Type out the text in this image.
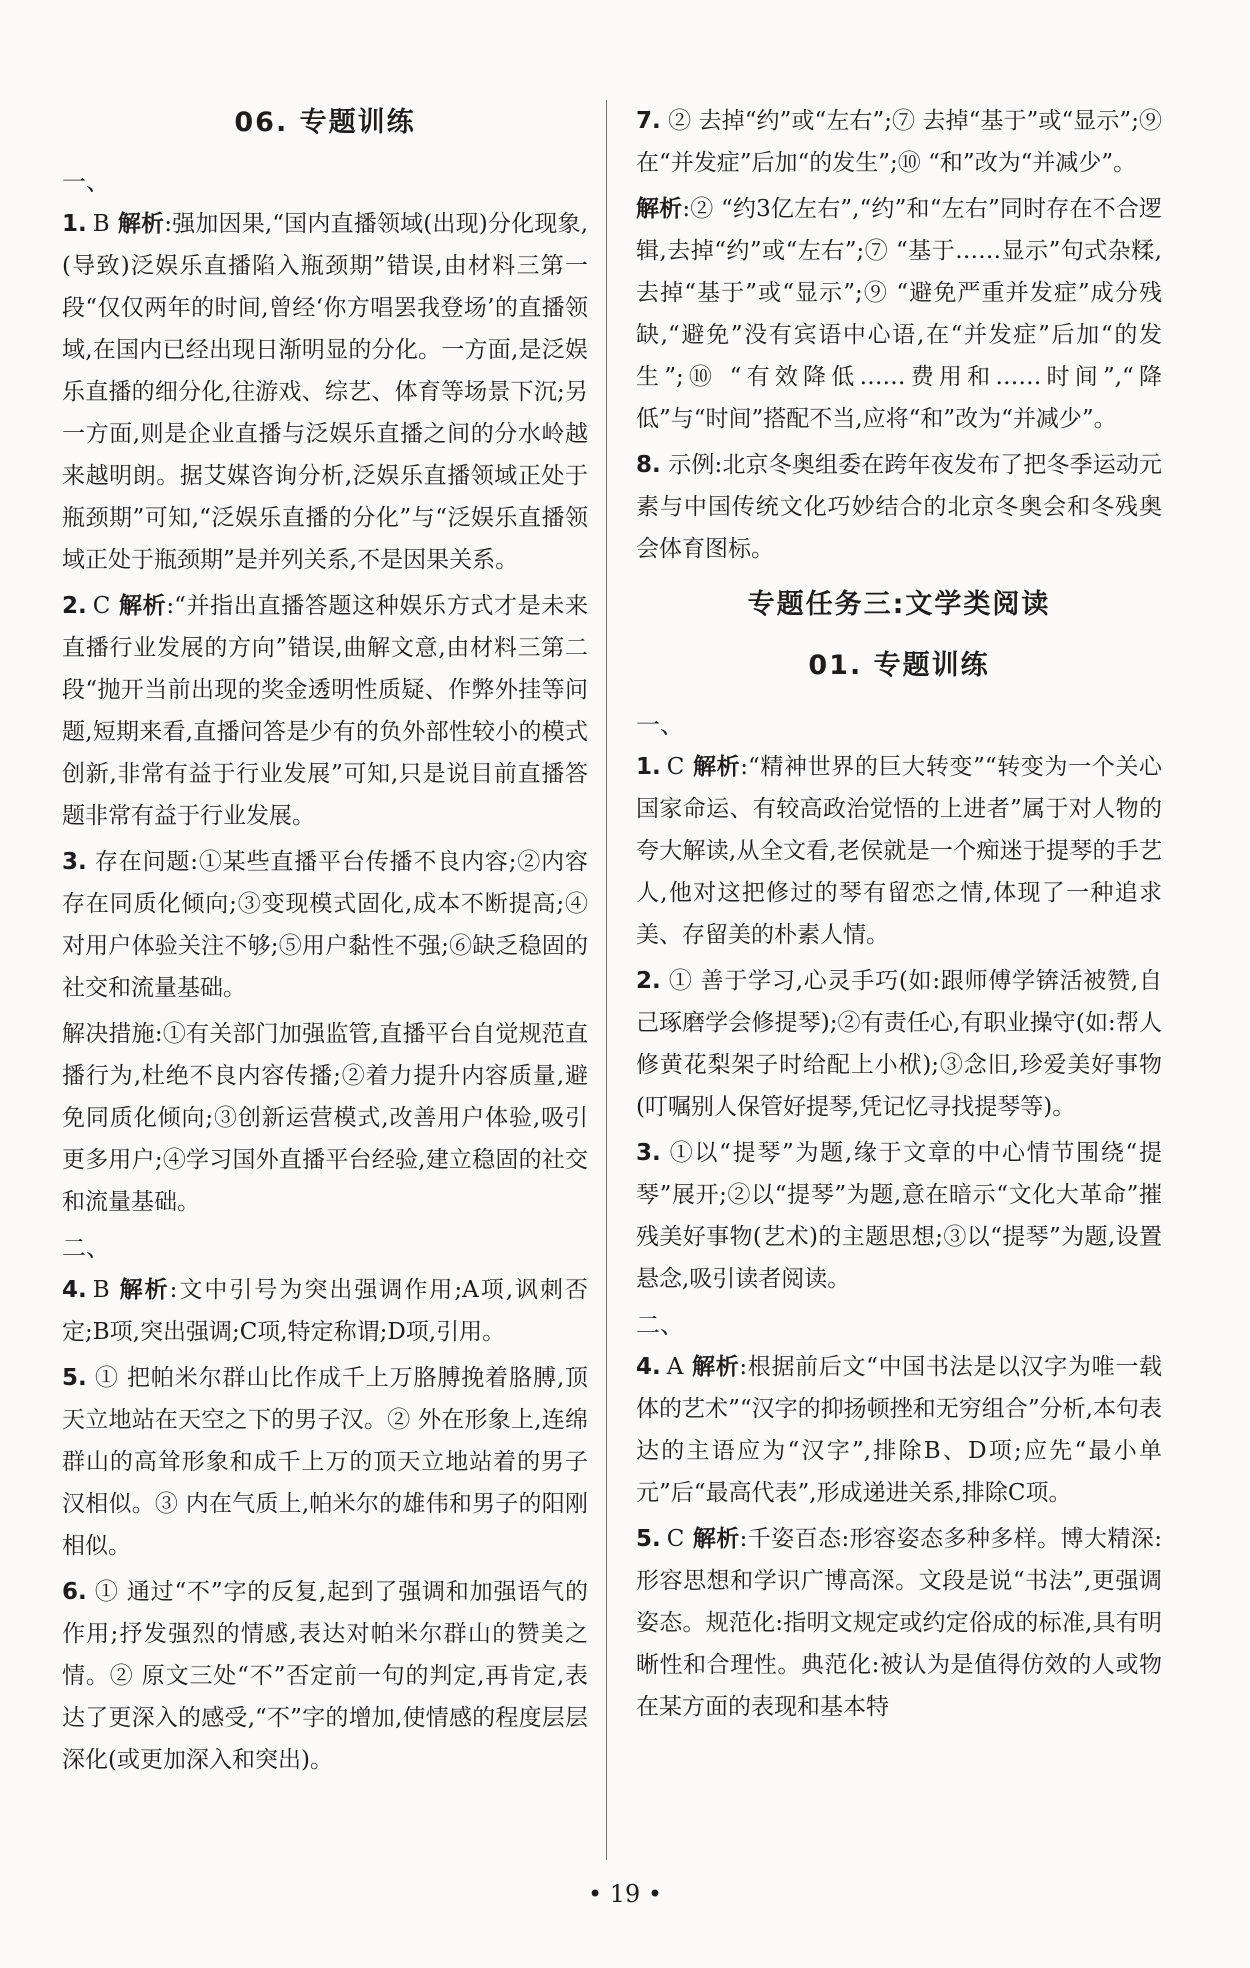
06. 专题训练

一、

1. B 解析:强加因果,“国内直播领域(出现)分化现象,(导致)泛娱乐直播陷入瓶颈期”错误,由材料三第一段“仅仅两年的时间,曾经‘你方唱罢我登场’的直播领域,在国内已经出现日渐明显的分化。一方面,是泛娱乐直播的细分化,往游戏、综艺、体育等场景下沉;另一方面,则是企业直播与泛娱乐直播之间的分水岭越来越明朗。据艾媒咨询分析,泛娱乐直播领域正处于瓶颈期”可知,“泛娱乐直播的分化”与“泛娱乐直播领域正处于瓶颈期”是并列关系,不是因果关系。

2. C 解析:“并指出直播答题这种娱乐方式才是未来直播行业发展的方向”错误,曲解文意,由材料三第二段“抛开当前出现的奖金透明性质疑、作弊外挂等问题,短期来看,直播问答是少有的负外部性较小的模式创新,非常有益于行业发展”可知,只是说目前直播答题非常有益于行业发展。

3. 存在问题:①某些直播平台传播不良内容;②内容存在同质化倾向;③变现模式固化,成本不断提高;④对用户体验关注不够;⑤用户黏性不强;⑥缺乏稳固的社交和流量基础。

解决措施:①有关部门加强监管,直播平台自觉规范直播行为,杜绝不良内容传播;②着力提升内容质量,避免同质化倾向;③创新运营模式,改善用户体验,吸引更多用户;④学习国外直播平台经验,建立稳固的社交和流量基础。

二、

4. B 解析:文中引号为突出强调作用;A项,讽刺否定;B项,突出强调;C项,特定称谓;D项,引用。

5. ① 把帕米尔群山比作成千上万胳膊挽着胳膊,顶天立地站在天空之下的男子汉。② 外在形象上,连绵群山的高耸形象和成千上万的顶天立地站着的男子汉相似。③ 内在气质上,帕米尔的雄伟和男子的阳刚相似。

6. ① 通过“不”字的反复,起到了强调和加强语气的作用;抒发强烈的情感,表达对帕米尔群山的赞美之情。② 原文三处“不”否定前一句的判定,再肯定,表达了更深入的感受,“不”字的增加,使情感的程度层层深化(或更加深入和突出)。

7. ② 去掉“约”或“左右”;⑦ 去掉“基于”或“显示”;⑨ 在“并发症”后加“的发生”;⑩ “和”改为“并减少”。

解析:② “约3亿左右”,“约”和“左右”同时存在不合逻辑,去掉“约”或“左右”;⑦ “基于……显示”句式杂糅,去掉“基于”或“显示”;⑨ “避免严重并发症”成分残缺,“避免”没有宾语中心语,在“并发症”后加“的发生”;⑩ “有效降低……费用和……时间”,“降低”与“时间”搭配不当,应将“和”改为“并减少”。

8. 示例:北京冬奥组委在跨年夜发布了把冬季运动元素与中国传统文化巧妙结合的北京冬奥会和冬残奥会体育图标。

专题任务三:文学类阅读
01. 专题训练

一、

1. C 解析:“精神世界的巨大转变”“转变为一个关心国家命运、有较高政治觉悟的上进者”属于对人物的夸大解读,从全文看,老侯就是一个痴迷于提琴的手艺人,他对这把修过的琴有留恋之情,体现了一种追求美、存留美的朴素人情。

2. ① 善于学习,心灵手巧(如:跟师傅学锛活被赞,自己琢磨学会修提琴);②有责任心,有职业操守(如:帮人修黄花梨架子时给配上小栿);③念旧,珍爱美好事物(叮嘱别人保管好提琴,凭记忆寻找提琴等)。

3. ①以“提琴”为题,缘于文章的中心情节围绕“提琴”展开;②以“提琴”为题,意在暗示“文化大革命”摧残美好事物(艺术)的主题思想;③以“提琴”为题,设置悬念,吸引读者阅读。

二、

4. A 解析:根据前后文“中国书法是以汉字为唯一载体的艺术”“汉字的抑扬顿挫和无穷组合”分析,本句表达的主语应为“汉字”,排除B、D项;应先“最小单元”后“最高代表”,形成递进关系,排除C项。

5. C 解析:千姿百态:形容姿态多种多样。博大精深:形容思想和学识广博高深。文段是说“书法”,更强调姿态。规范化:指明文规定或约定俗成的标准,具有明晰性和合理性。典范化:被认为是值得仿效的人或物在某方面的表现和基本特

• 19 •
